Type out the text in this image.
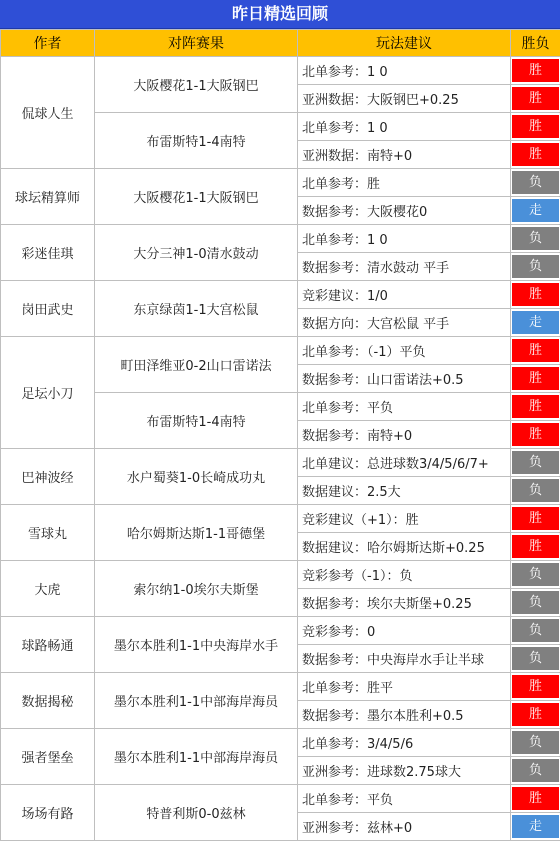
昨日精选回顾
作者	对阵赛果	玩法建议	胜负
侃球人生	大阪樱花1-1大阪钢巴	北单参考：1 0	胜

		亚洲数据：大阪钢巴+0.25	胜

	布雷斯特1-4南特	北单参考：1 0	胜

		亚洲数据：南特+0	胜

球坛精算师	大阪樱花1-1大阪钢巴	北单参考：胜	负

		数据参考：大阪樱花0	走

彩迷佳琪	大分三神1-0清水鼓动	北单参考：1 0	负

		数据参考：清水鼓动 平手	负

岗田武史	东京绿茵1-1大宫松鼠	竞彩建议：1/0	胜

		数据方向：大宫松鼠 平手	走

足坛小刀	町田泽维亚0-2山口雷诺法	北单参考：（-1）平负	胜

		数据参考：山口雷诺法+0.5	胜

	布雷斯特1-4南特	北单参考：平负	胜

		数据参考：南特+0	胜

巴神波经	水户蜀葵1-0长崎成功丸	北单建议：总进球数3/4/5/6/7+	负

		数据建议：2.5大	负

雪球丸	哈尔姆斯达斯1-1哥德堡	竞彩建议（+1）：胜	胜

		数据建议：哈尔姆斯达斯+0.25	胜

大虎	索尔纳1-0埃尔夫斯堡	竞彩参考（-1）：负	负

		数据参考：埃尔夫斯堡+0.25	负

球路畅通	墨尔本胜利1-1中央海岸水手	竞彩参考：0	负

		数据参考：中央海岸水手让半球	负

数据揭秘	墨尔本胜利1-1中部海岸海员	北单参考：胜平	胜

		数据参考：墨尔本胜利+0.5	胜

强者堡垒	墨尔本胜利1-1中部海岸海员	北单参考：3/4/5/6	负

		亚洲参考：进球数2.75球大	负

场场有路	特普利斯0-0兹林	北单参考：平负	胜

		亚洲参考：兹林+0	走
